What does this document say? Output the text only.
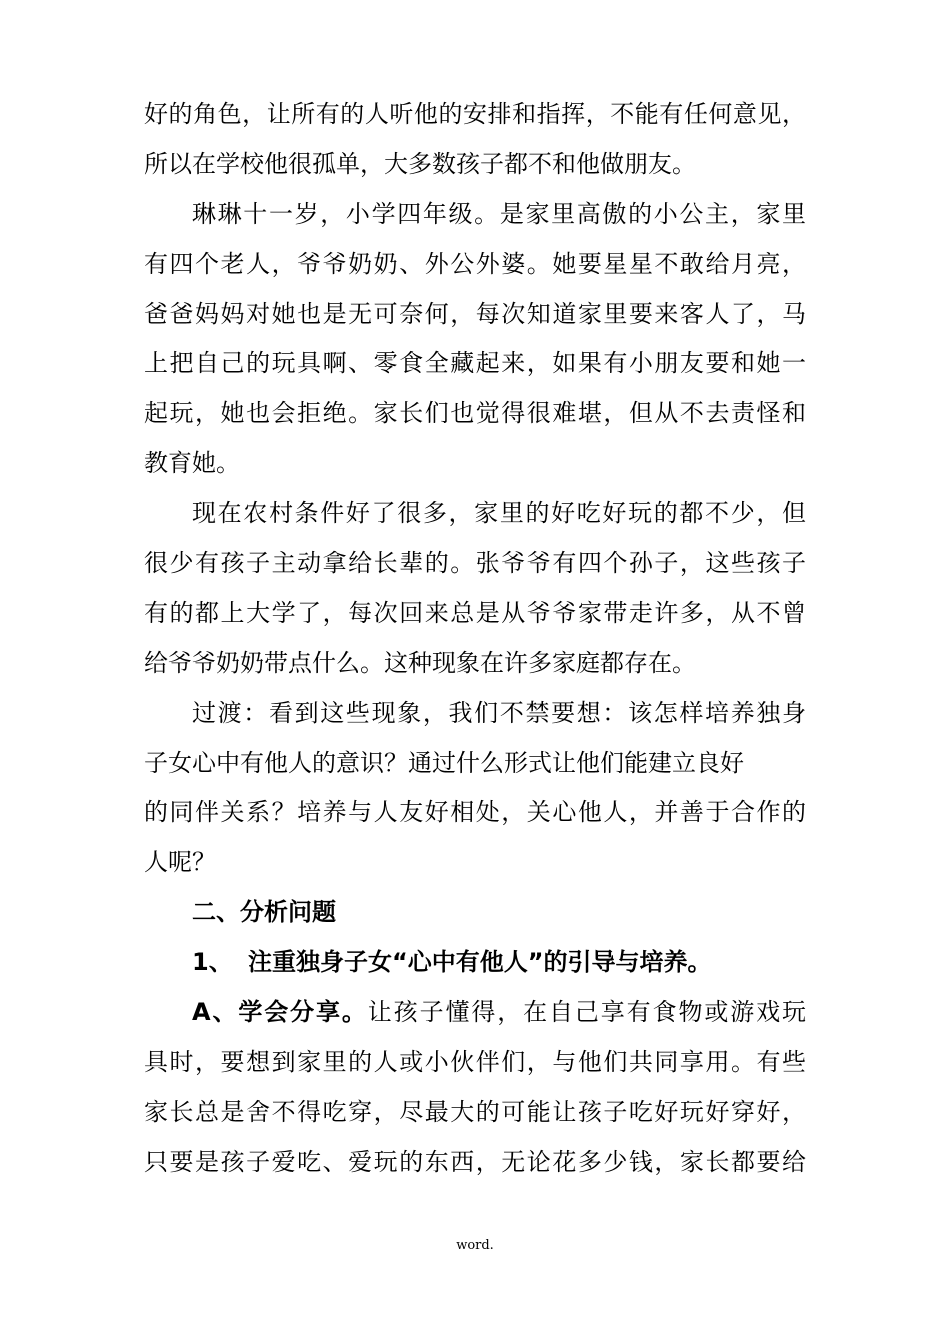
好的角色，让所有的人听他的安排和指挥，不能有任何意见，
所以在学校他很孤单，大多数孩子都不和他做朋友。
琳琳十一岁，小学四年级。是家里高傲的小公主，家里
有四个老人，爷爷奶奶、外公外婆。她要星星不敢给月亮，
爸爸妈妈对她也是无可奈何，每次知道家里要来客人了，马
上把自己的玩具啊、零食全藏起来，如果有小朋友要和她一
起玩，她也会拒绝。家长们也觉得很难堪，但从不去责怪和
教育她。
现在农村条件好了很多，家里的好吃好玩的都不少，但
很少有孩子主动拿给长辈的。张爷爷有四个孙子，这些孩子
有的都上大学了，每次回来总是从爷爷家带走许多，从不曾
给爷爷奶奶带点什么。这种现象在许多家庭都存在。
过渡：看到这些现象，我们不禁要想：该怎样培养独身
子女心中有他人的意识？通过什么形式让他们能建立良好
的同伴关系？培养与人友好相处，关心他人，并善于合作的
人呢？
二、分析问题
1、 注重独身子女“心中有他人”的引导与培养。
A、学会分享。让孩子懂得，在自己享有食物或游戏玩
具时，要想到家里的人或小伙伴们，与他们共同享用。有些
家长总是舍不得吃穿，尽最大的可能让孩子吃好玩好穿好，
只要是孩子爱吃、爱玩的东西，无论花多少钱，家长都要给
word.
